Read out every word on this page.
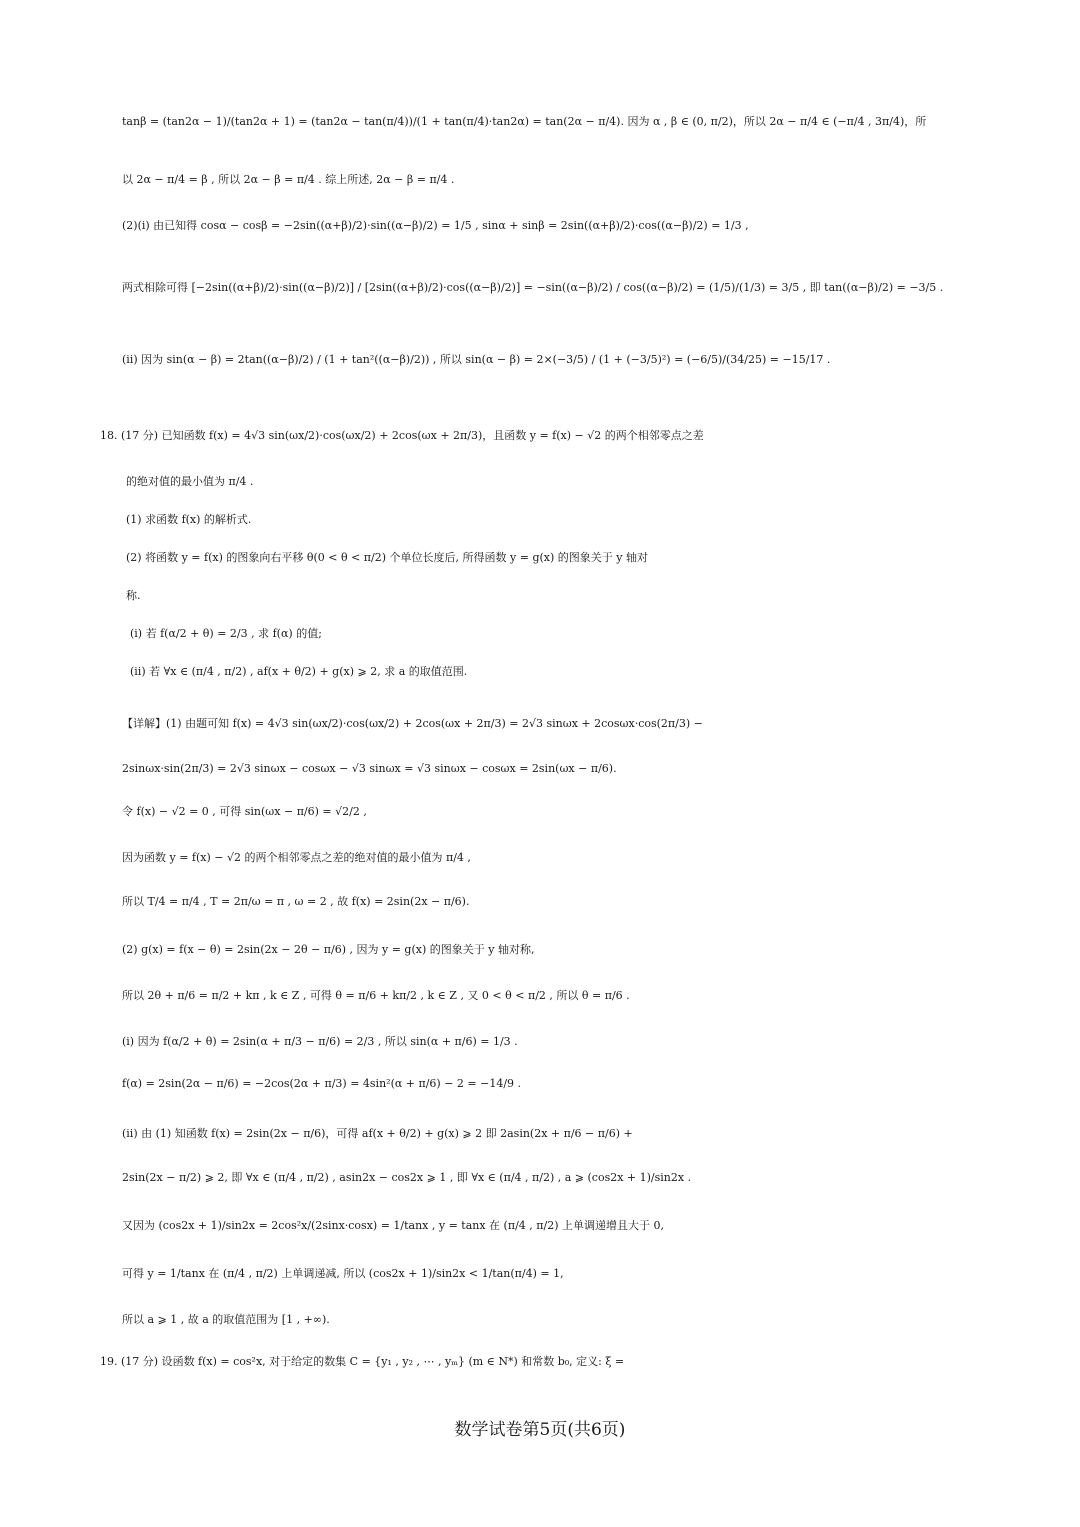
tanβ = (tan2α − 1)/(tan2α + 1) = (tan2α − tan(π/4))/(1 + tan(π/4)·tan2α) = tan(2α − π/4). 因为 α , β ∈ (0, π/2)，所以 2α − π/4 ∈ (−π/4 , 3π/4)，所
以 2α − π/4 = β , 所以 2α − β = π/4 . 综上所述, 2α − β = π/4 .
(2)(ⅰ) 由已知得 cosα − cosβ = −2sin((α+β)/2)·sin((α−β)/2) = 1/5 , sinα + sinβ = 2sin((α+β)/2)·cos((α−β)/2) = 1/3 ,
两式相除可得 [−2sin((α+β)/2)·sin((α−β)/2)] / [2sin((α+β)/2)·cos((α−β)/2)] = −sin((α−β)/2) / cos((α−β)/2) = (1/5)/(1/3) = 3/5 , 即 tan((α−β)/2) = −3/5 .
(ⅱ) 因为 sin(α − β) = 2tan((α−β)/2) / (1 + tan²((α−β)/2)) , 所以 sin(α − β) = 2×(−3/5) / (1 + (−3/5)²) = (−6/5)/(34/25) = −15/17 .
18. (17 分) 已知函数 f(x) = 4√3 sin(ωx/2)·cos(ωx/2) + 2cos(ωx + 2π/3)，且函数 y = f(x) − √2 的两个相邻零点之差
的绝对值的最小值为 π/4 .
(1) 求函数 f(x) 的解析式.
(2) 将函数 y = f(x) 的图象向右平移 θ(0 < θ < π/2) 个单位长度后, 所得函数 y = g(x) 的图象关于 y 轴对
称.
(ⅰ) 若 f(α/2 + θ) = 2/3 , 求 f(α) 的值;
(ⅱ) 若 ∀x ∈ (π/4 , π/2) , af(x + θ/2) + g(x) ⩾ 2, 求 a 的取值范围.
【详解】(1) 由题可知 f(x) = 4√3 sin(ωx/2)·cos(ωx/2) + 2cos(ωx + 2π/3) = 2√3 sinωx + 2cosωx·cos(2π/3) −
2sinωx·sin(2π/3) = 2√3 sinωx − cosωx − √3 sinωx = √3 sinωx − cosωx = 2sin(ωx − π/6).
令 f(x) − √2 = 0 , 可得 sin(ωx − π/6) = √2/2 ,
因为函数 y = f(x) − √2 的两个相邻零点之差的绝对值的最小值为 π/4 ,
所以 T/4 = π/4 , T = 2π/ω = π , ω = 2 , 故 f(x) = 2sin(2x − π/6).
(2) g(x) = f(x − θ) = 2sin(2x − 2θ − π/6) , 因为 y = g(x) 的图象关于 y 轴对称,
所以 2θ + π/6 = π/2 + kπ , k ∈ Z , 可得 θ = π/6 + kπ/2 , k ∈ Z , 又 0 < θ < π/2 , 所以 θ = π/6 .
(ⅰ) 因为 f(α/2 + θ) = 2sin(α + π/3 − π/6) = 2/3 , 所以 sin(α + π/6) = 1/3 .
f(α) = 2sin(2α − π/6) = −2cos(2α + π/3) = 4sin²(α + π/6) − 2 = −14/9 .
(ⅱ) 由 (1) 知函数 f(x) = 2sin(2x − π/6)，可得 af(x + θ/2) + g(x) ⩾ 2 即 2asin(2x + π/6 − π/6) +
2sin(2x − π/2) ⩾ 2, 即 ∀x ∈ (π/4 , π/2) , asin2x − cos2x ⩾ 1 , 即 ∀x ∈ (π/4 , π/2) , a ⩾ (cos2x + 1)/sin2x .
又因为 (cos2x + 1)/sin2x = 2cos²x/(2sinx·cosx) = 1/tanx , y = tanx 在 (π/4 , π/2) 上单调递增且大于 0,
可得 y = 1/tanx 在 (π/4 , π/2) 上单调递减, 所以 (cos2x + 1)/sin2x < 1/tan(π/4) = 1,
所以 a ⩾ 1 , 故 a 的取值范围为 [1 , +∞).
19. (17 分) 设函数 f(x) = cos²x, 对于给定的数集 C = {y₁ , y₂ , ⋯ , yₘ} (m ∈ N*) 和常数 b₀, 定义: ξ =
数学试卷第5页(共6页)
